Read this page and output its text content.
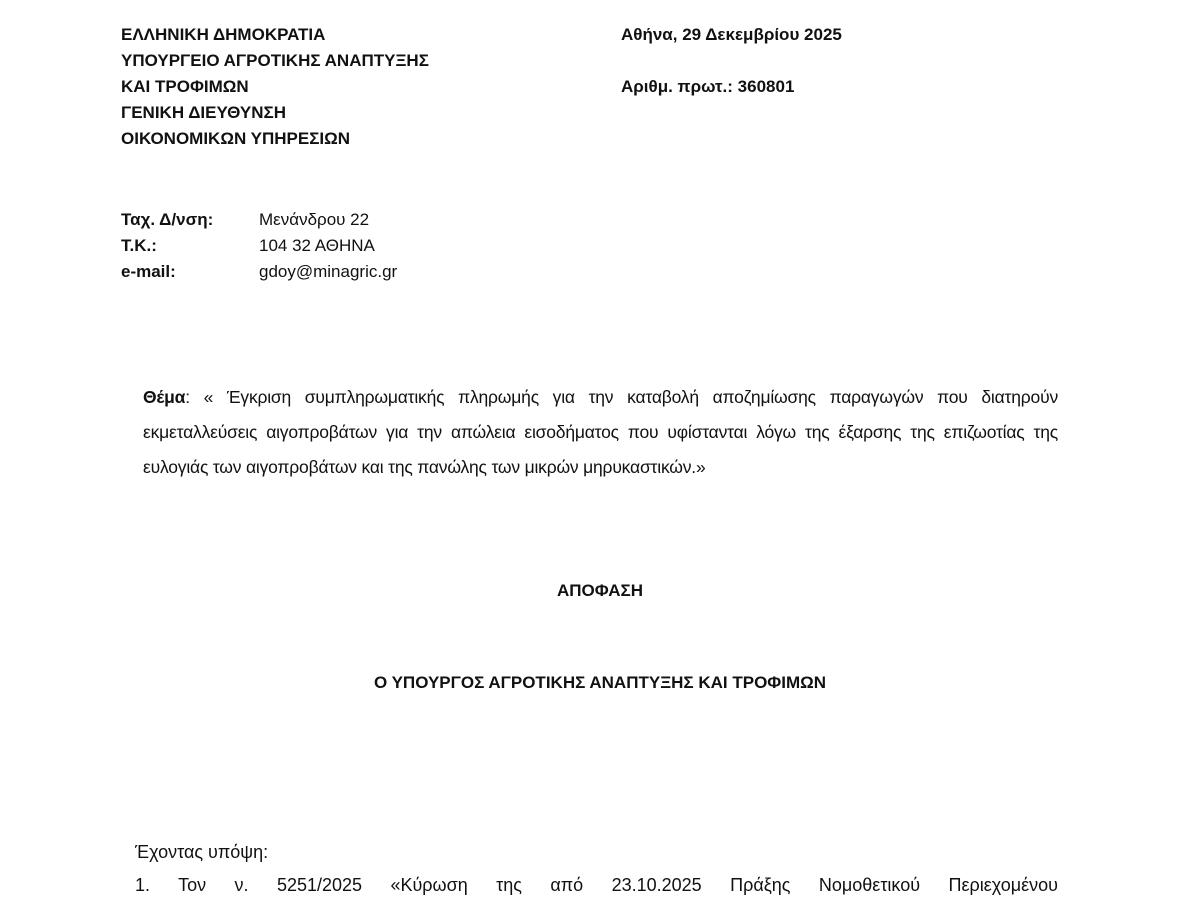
ΕΛΛΗΝΙΚΗ ΔΗΜΟΚΡΑΤΙΑ
ΥΠΟΥΡΓΕΙΟ ΑΓΡΟΤΙΚΗΣ ΑΝΑΠΤΥΞΗΣ
ΚΑΙ ΤΡΟΦΙΜΩΝ
ΓΕΝΙΚΗ ΔΙΕΥΘΥΝΣΗ
ΟΙΚΟΝΟΜΙΚΩΝ ΥΠΗΡΕΣΙΩΝ
Αθήνα, 29 Δεκεμβρίου 2025
Αριθμ. πρωτ.: 360801
Ταχ. Δ/νση:	Μενάνδρου 22
Τ.Κ.:	104 32 ΑΘΗΝΑ
e-mail:	gdoy@minagric.gr
Θέμα: « Έγκριση συμπληρωματικής πληρωμής για την καταβολή αποζημίωσης παραγωγών που διατηρούν εκμεταλλεύσεις αιγοπροβάτων για την απώλεια εισοδήματος που υφίστανται λόγω της έξαρσης της επιζωοτίας της ευλογιάς των αιγοπροβάτων και της πανώλης των μικρών μηρυκαστικών.»
ΑΠΟΦΑΣΗ
Ο ΥΠΟΥΡΓΟΣ ΑΓΡΟΤΙΚΗΣ ΑΝΑΠΤΥΞΗΣ ΚΑΙ ΤΡΟΦΙΜΩΝ
Έχοντας υπόψη:
1. Τον ν. 5251/2025 «Κύρωση της από 23.10.2025 Πράξης Νομοθετικού Περιεχομένου
